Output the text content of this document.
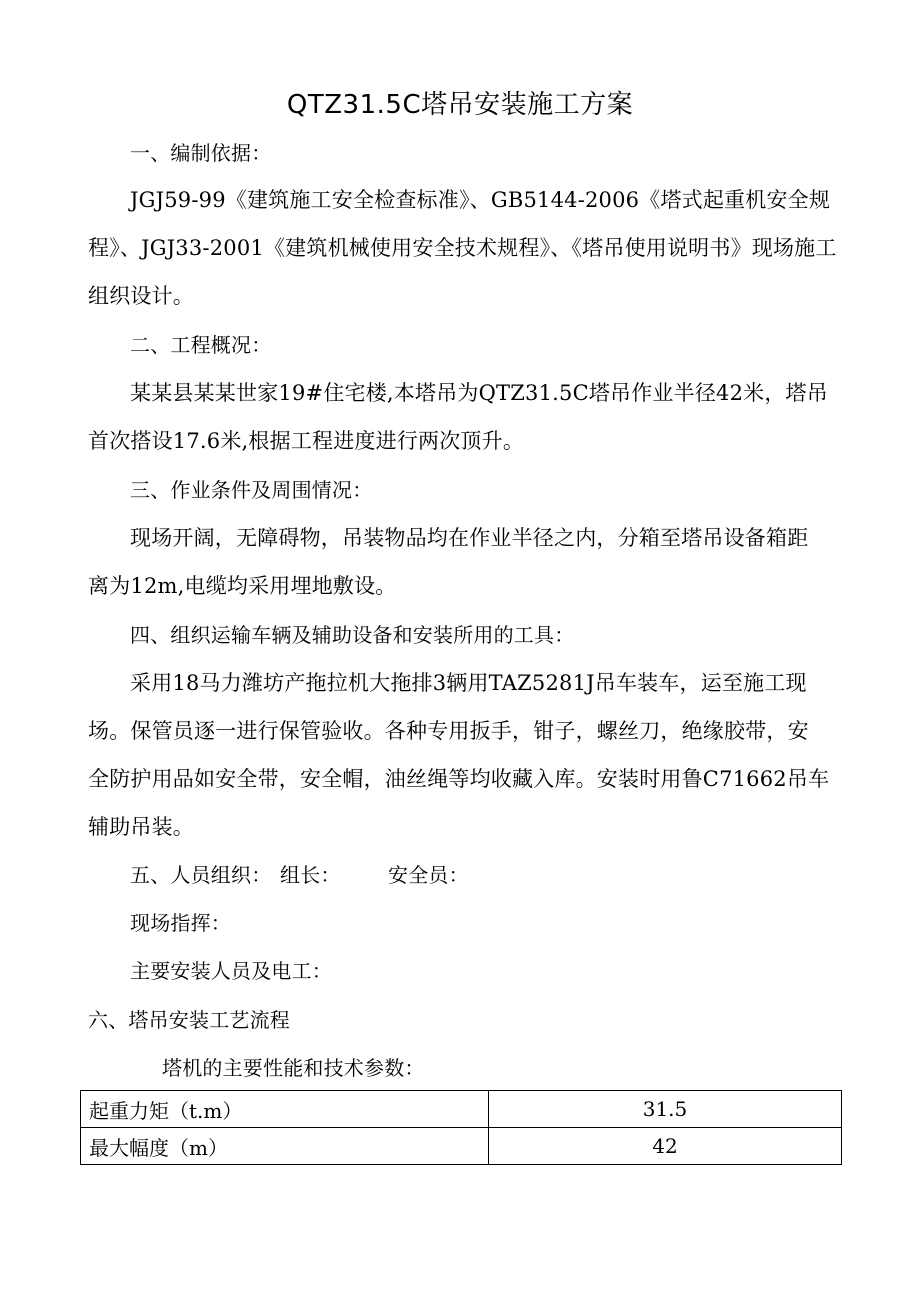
QTZ31.5C塔吊安装施工方案
一、编制依据：
JGJ59-99《建筑施工安全检查标准》、GB5144-2006《塔式起重机安全规
程》、JGJ33-2001《建筑机械使用安全技术规程》、《塔吊使用说明书》现场施工
组织设计。
二、工程概况：
某某县某某世家19#住宅楼,本塔吊为QTZ31.5C塔吊作业半径42米，塔吊
首次搭设17.6米,根据工程进度进行两次顶升。
三、作业条件及周围情况：
现场开阔，无障碍物，吊装物品均在作业半径之内，分箱至塔吊设备箱距
离为12m,电缆均采用埋地敷设。
四、组织运输车辆及辅助设备和安装所用的工具：
采用18马力潍坊产拖拉机大拖排3辆用TAZ5281J吊车装车，运至施工现
场。保管员逐一进行保管验收。各种专用扳手，钳子，螺丝刀，绝缘胶带，安
全防护用品如安全带，安全帽，油丝绳等均收藏入库。安装时用鲁C71662吊车
辅助吊装。
五、人员组织： 组长： 安全员：
现场指挥：
主要安装人员及电工：
六、塔吊安装工艺流程
塔机的主要性能和技术参数：
起重力矩（t.m）	31.5
最大幅度（m）	42
